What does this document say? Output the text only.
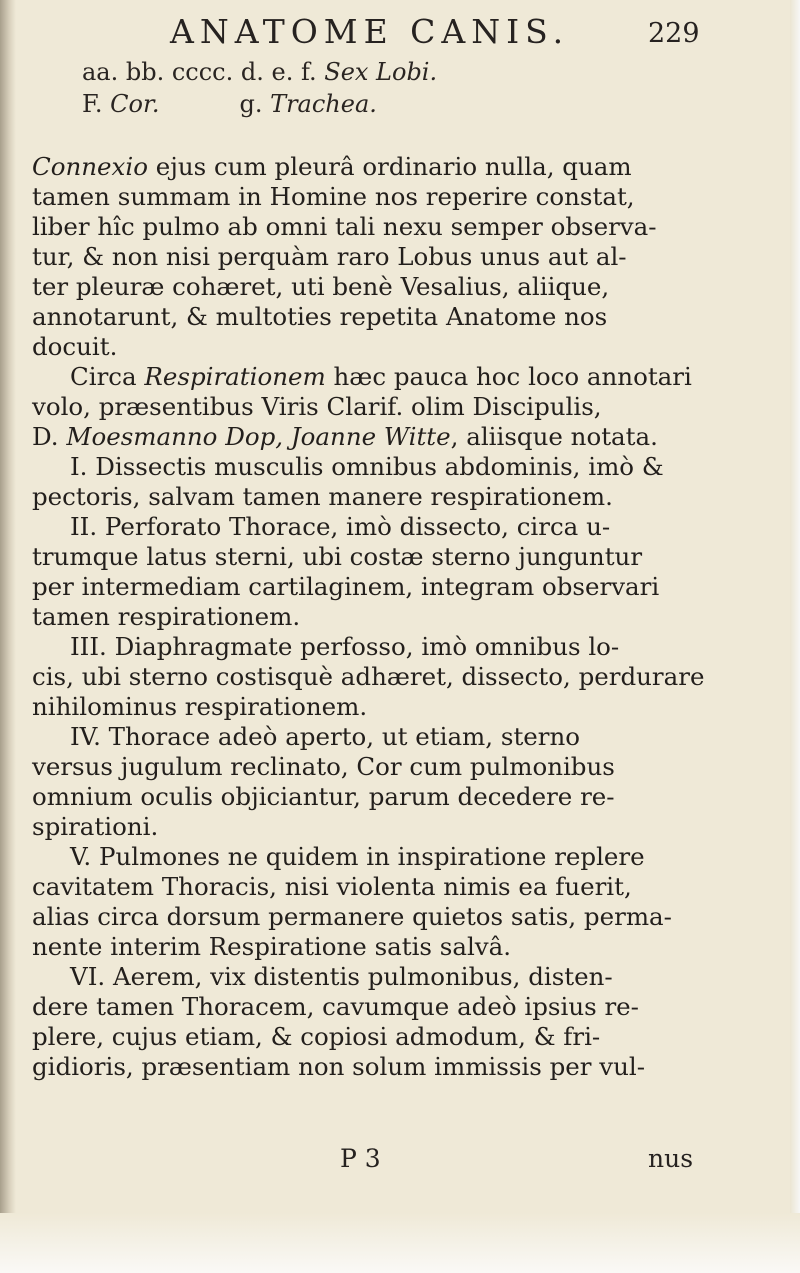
ANATOME CANIS.	229
aa. bb. cccc. d. e. f. Sex Lobi.
F. Cor.	g. Trachea.
Connexio ejus cum pleurâ ordinario nulla, quam
tamen summam in Homine nos reperire constat,
liber hîc pulmo ab omni tali nexu semper observa-
tur, & non nisi perquàm raro Lobus unus aut al-
ter pleuræ cohæret, uti benè Vesalius, aliique,
annotarunt, & multoties repetita Anatome nos
docuit.
Circa Respirationem hæc pauca hoc loco annotari
volo, præsentibus Viris Clarif. olim Discipulis,
D. Moesmanno Dop, Joanne Witte, aliisque notata.
I. Dissectis musculis omnibus abdominis, imò &
pectoris, salvam tamen manere respirationem.
II. Perforato Thorace, imò dissecto, circa u-
trumque latus sterni, ubi costæ sterno junguntur
per intermediam cartilaginem, integram observari
tamen respirationem.
III. Diaphragmate perfosso, imò omnibus lo-
cis, ubi sterno costisquè adhæret, dissecto, perdurare
nihilominus respirationem.
IV. Thorace adeò aperto, ut etiam, sterno
versus jugulum reclinato, Cor cum pulmonibus
omnium oculis objiciantur, parum decedere re-
spirationi.
V. Pulmones ne quidem in inspiratione replere
cavitatem Thoracis, nisi violenta nimis ea fuerit,
alias circa dorsum permanere quietos satis, perma-
nente interim Respiratione satis salvâ.
VI. Aerem, vix distentis pulmonibus, disten-
dere tamen Thoracem, cavumque adeò ipsius re-
plere, cujus etiam, & copiosi admodum, & fri-
gidioris, præsentiam non solum immissis per vul-
P 3	nus
